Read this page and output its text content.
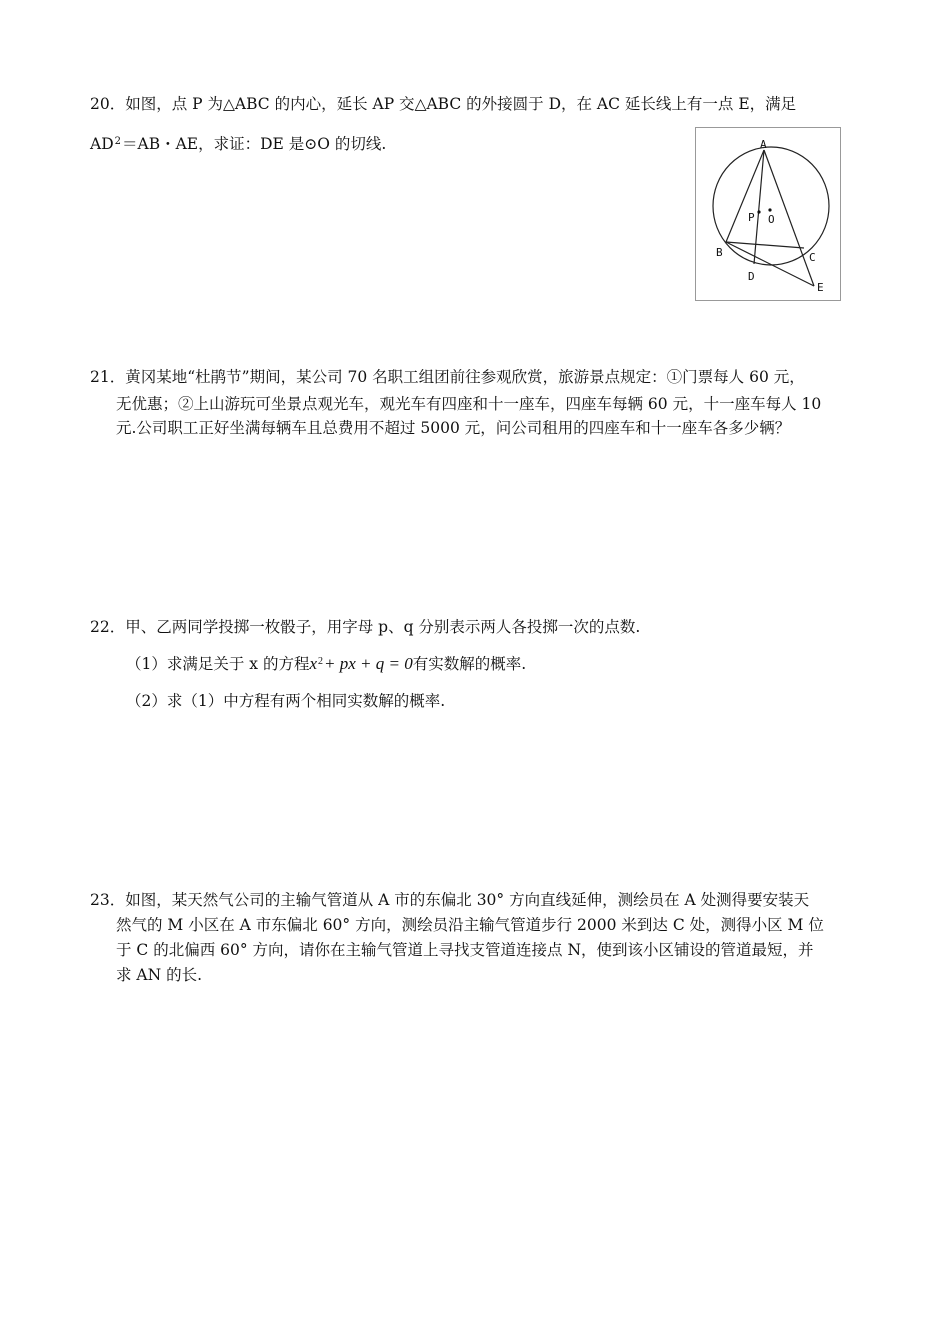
20．如图，点 P 为△ABC 的内心，延长 AP 交△ABC 的外接圆于 D，在 AC 延长线上有一点 E，满足
$AD^2=AB$・AE，求证：DE 是⊙O 的切线.	A
P O
B	C
D
E
21．黄冈某地“杜鹃节”期间，某公司 70 名职工组团前往参观欣赏，旅游景点规定：①门票每人 60 元，
无优惠；②上山游玩可坐景点观光车，观光车有四座和十一座车，四座车每辆 60 元，十一座车每人 10
元.公司职工正好坐满每辆车且总费用不超过 5000 元，问公司租用的四座车和十一座车各多少辆？
22．甲、乙两同学投掷一枚骰子，用字母 p、q 分别表示两人各投掷一次的点数.
（1）求满足关于 x 的方程$x^2+$ px + q = 0有实数解的概率.
（2）求（1）中方程有两个相同实数解的概率.
23．如图，某天然气公司的主输气管道从 A 市的东偏北 30° 方向直线延伸，测绘员在 A 处测得要安装天
然气的 M 小区在 A 市东偏北 60° 方向，测绘员沿主输气管道步行 2000 米到达 C 处，测得小区 M 位
于 C 的北偏西 60° 方向，请你在主输气管道上寻找支管道连接点 N，使到该小区铺设的管道最短，并
求 AN 的长.
